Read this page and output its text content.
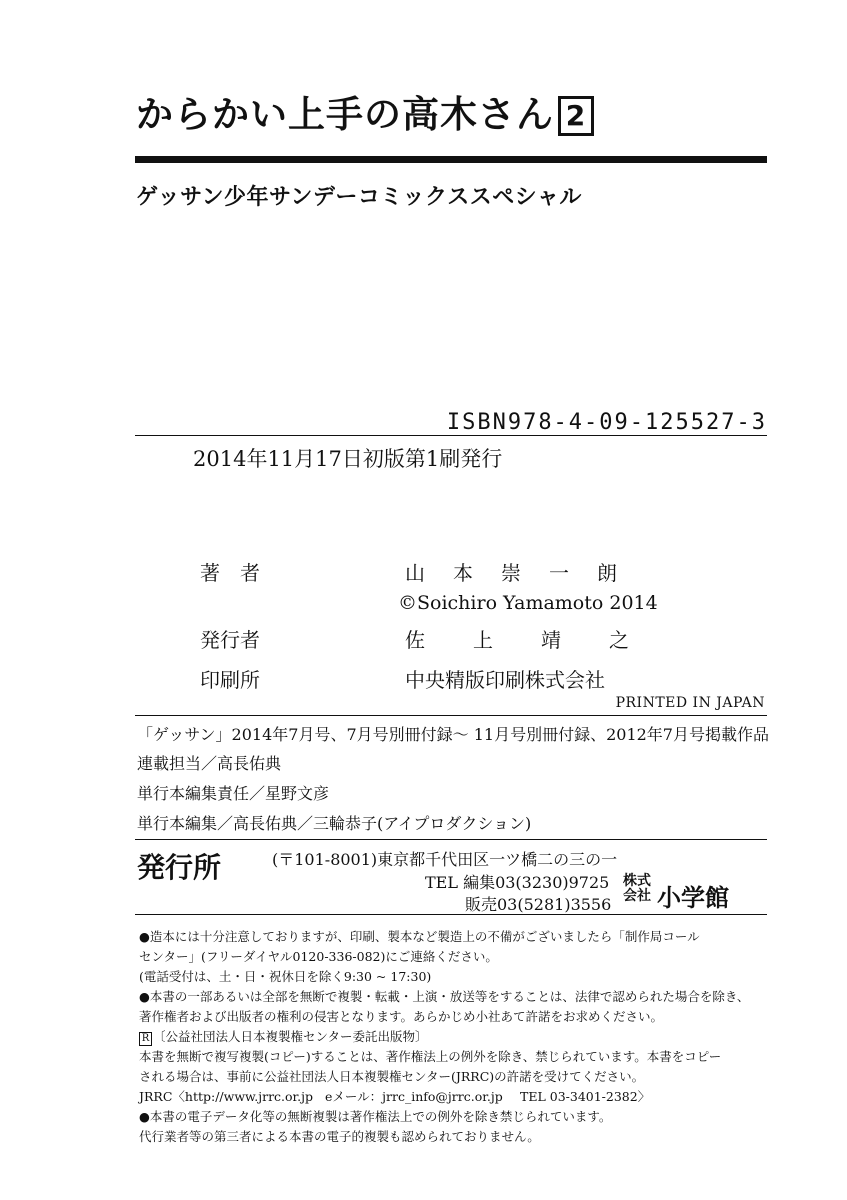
からかい上手の高木さん 2
ゲッサン少年サンデーコミックススペシャル
ISBN978-4-09-125527-3
2014年11月17日初版第1刷発行
著者	山本崇一朗
©Soichiro Yamamoto 2014
発行者	佐上靖之
印刷所	中央精版印刷株式会社
PRINTED IN JAPAN
「ゲッサン」2014年7月号、7月号別冊付録〜 11月号別冊付録、2012年7月号掲載作品
連載担当／高長佑典
単行本編集責任／星野文彦
単行本編集／高長佑典／三輪恭子(アイプロダクション)
発行所	(〒101-8001)東京都千代田区一ツ橋二の三の一
TEL 編集03(3230)9725
販売03(5281)3556
株式
会社 小学館
●造本には十分注意しておりますが、印刷、製本など製造上の不備がございましたら「制作局コール
センター」(フリーダイヤル0120-336-082)にご連絡ください。
(電話受付は、土・日・祝休日を除く9:30 ~ 17:30)
●本書の一部あるいは全部を無断で複製・転載・上演・放送等をすることは、法律で認められた場合を除き、
著作権者および出版者の権利の侵害となります。あらかじめ小社あて許諾をお求めください。
R 〔公益社団法人日本複製権センター委託出版物〕
本書を無断で複写複製(コピー)することは、著作権法上の例外を除き、禁じられています。本書をコピー
される場合は、事前に公益社団法人日本複製権センター(JRRC)の許諾を受けてください。
JRRC〈http://www.jrrc.or.jp eメール：jrrc_info@jrrc.or.jp TEL 03-3401-2382〉
●本書の電子データ化等の無断複製は著作権法上での例外を除き禁じられています。
代行業者等の第三者による本書の電子的複製も認められておりません。
